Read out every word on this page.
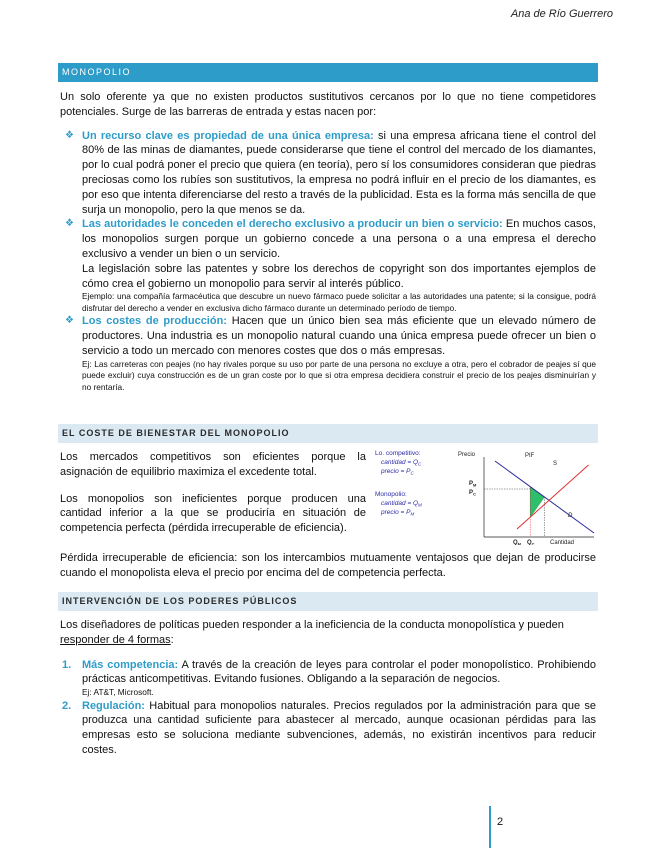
Ana de Río Guerrero
MONOPOLIO
Un solo oferente ya que no existen productos sustitutivos cercanos por lo que no tiene competidores potenciales. Surge de las barreras de entrada y estas nacen por:
❖ Un recurso clave es propiedad de una única empresa: si una empresa africana tiene el control del 80% de las minas de diamantes, puede considerarse que tiene el control del mercado de los diamantes, por lo cual podrá poner el precio que quiera (en teoría), pero sí los consumidores consideran que piedras preciosas como los rubíes son sustitutivos, la empresa no podrá influir en el precio de los diamantes, es por eso que intenta diferenciarse del resto a través de la publicidad. Esta es la forma más sencilla de que surja un monopolio, pero la que menos se da.
❖ Las autoridades le conceden el derecho exclusivo a producir un bien o servicio: En muchos casos, los monopolios surgen porque un gobierno concede a una persona o a una empresa el derecho exclusivo a vender un bien o un servicio.
La legislación sobre las patentes y sobre los derechos de copyright son dos importantes ejemplos de cómo crea el gobierno un monopolio para servir al interés público.
Ejemplo: una compañía farmacéutica que descubre un nuevo fármaco puede solicitar a las autoridades una patente; si la consigue, podrá disfrutar del derecho a vender en exclusiva dicho fármaco durante un determinado período de tiempo.
❖ Los costes de producción: Hacen que un único bien sea más eficiente que un elevado número de productores. Una industria es un monopolio natural cuando una única empresa puede ofrecer un bien o servicio a todo un mercado con menores costes que dos o más empresas.
Ej: Las carreteras con peajes (no hay rivales porque su uso por parte de una persona no excluye a otra, pero el cobrador de peajes sí que puede excluir) cuya construcción es de un gran coste por lo que si otra empresa decidiera construir el precio de los peajes disminuirían y no rentaría.
EL COSTE DE BIENESTAR DEL MONOPOLIO
Los mercados competitivos son eficientes porque la asignación de equilibrio maximiza el excedente total.
Los monopolios son ineficientes porque producen una cantidad inferior a la que se produciría en situación de competencia perfecta (pérdida irrecuperable de eficiencia).
Lo. competitivo:
cantidad = $Q_C$
precio = $P_C$
Monopolio:
cantidad = $Q_M$
precio = $P_M$
Precio
Cantidad
PIF
S
D
$P_M$
$P_C$
$Q_M$ $Q_C$
Pérdida irrecuperable de eficiencia: son los intercambios mutuamente ventajosos que dejan de producirse cuando el monopolista eleva el precio por encima del de competencia perfecta.
INTERVENCIÓN DE LOS PODERES PÚBLICOS
Los diseñadores de políticas pueden responder a la ineficiencia de la conducta monopolística y pueden responder de 4 formas:
1. Más competencia: A través de la creación de leyes para controlar el poder monopolístico. Prohibiendo prácticas anticompetitivas. Evitando fusiones. Obligando a la separación de negocios.
Ej: AT&T, Microsoft.
2. Regulación: Habitual para monopolios naturales. Precios regulados por la administración para que se produzca una cantidad suficiente para abastecer al mercado, aunque ocasionan pérdidas para las empresas esto se soluciona mediante subvenciones, además, no existirán incentivos para reducir costes.
2
